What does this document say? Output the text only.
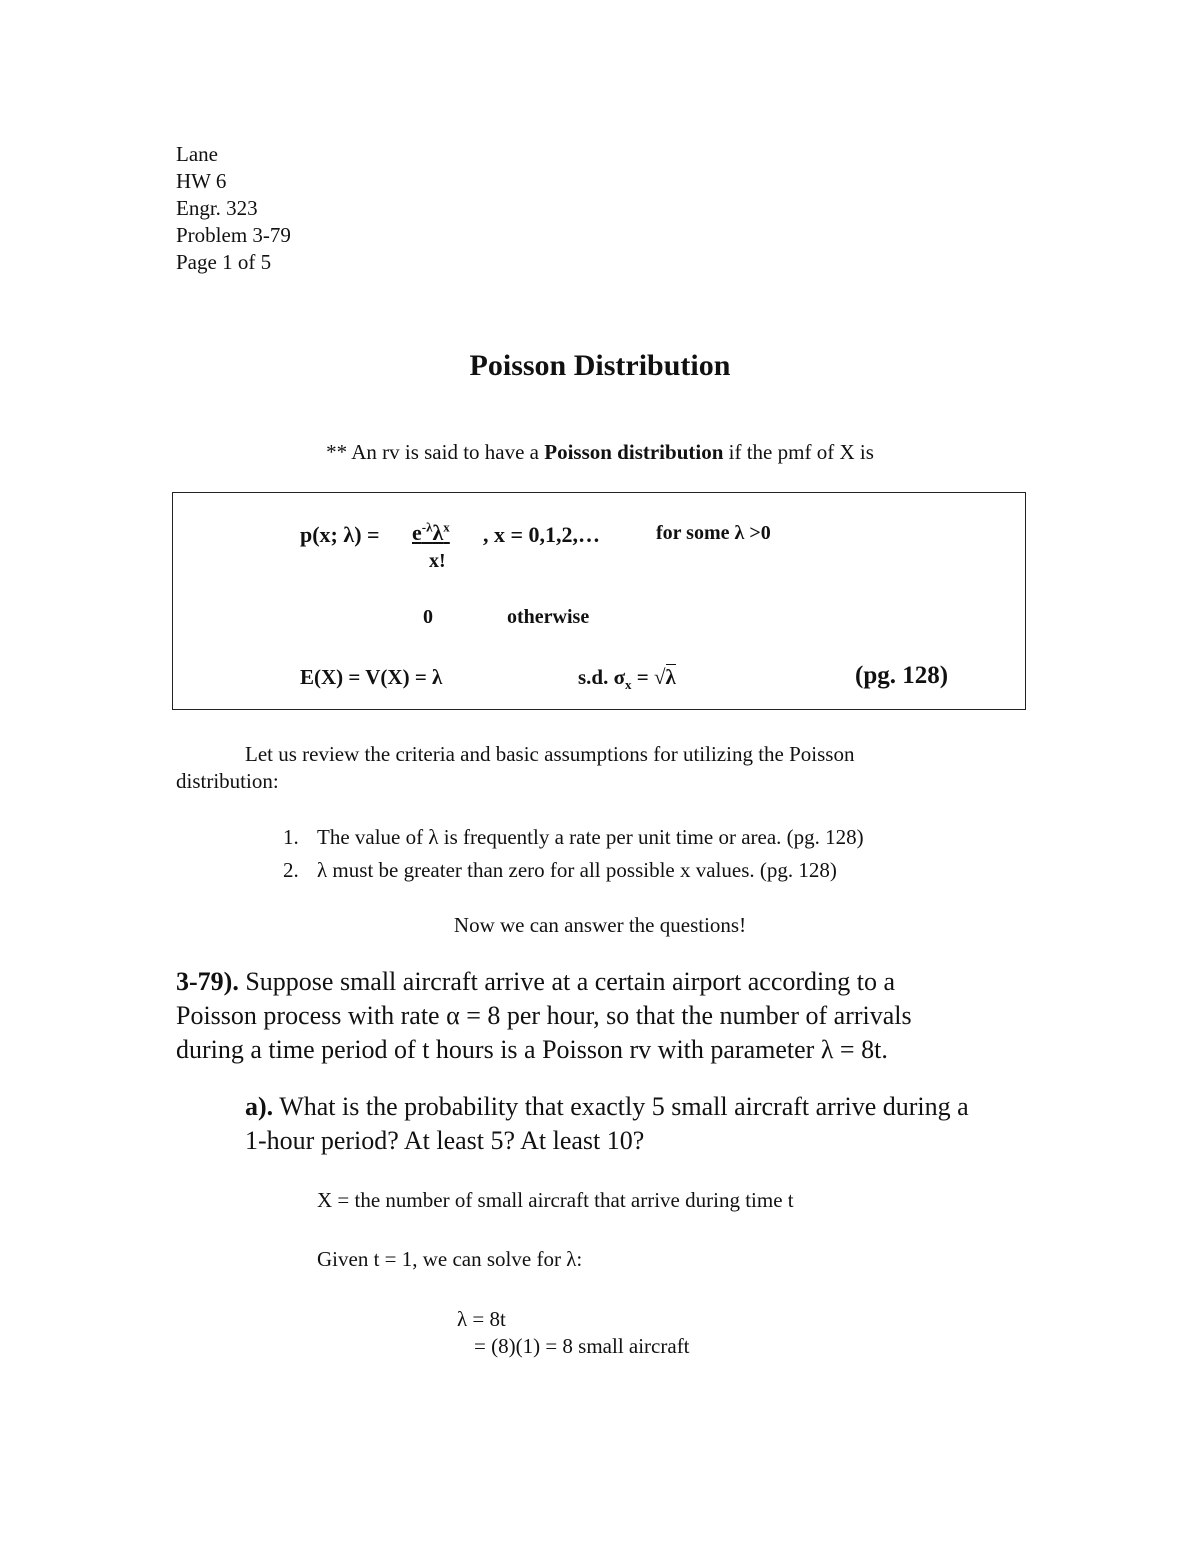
Lane
HW 6
Engr. 323
Problem 3-79
Page 1 of 5
Poisson Distribution
** An rv is said to have a Poisson distribution if the pmf of X is
p(x; $\lambda) = e^{-\lambda}\lambda^x$ , x = 0,1,2,…	for some λ >0
x!
0	otherwise
E(X) = V(X) = λ	s.d. $\sigma_x = √\lambda$	(pg. 128)
Let us review the criteria and basic assumptions for utilizing the Poisson
distribution:
1. The value of λ is frequently a rate per unit time or area. (pg. 128)
2. λ must be greater than zero for all possible x values. (pg. 128)
Now we can answer the questions!
3-79). Suppose small aircraft arrive at a certain airport according to a
Poisson process with rate α = 8 per hour, so that the number of arrivals
during a time period of t hours is a Poisson rv with parameter λ = 8t.
a). What is the probability that exactly 5 small aircraft arrive during a
1-hour period? At least 5? At least 10?
X = the number of small aircraft that arrive during time t
Given t = 1, we can solve for λ:
λ = 8t
= (8)(1) = 8 small aircraft
